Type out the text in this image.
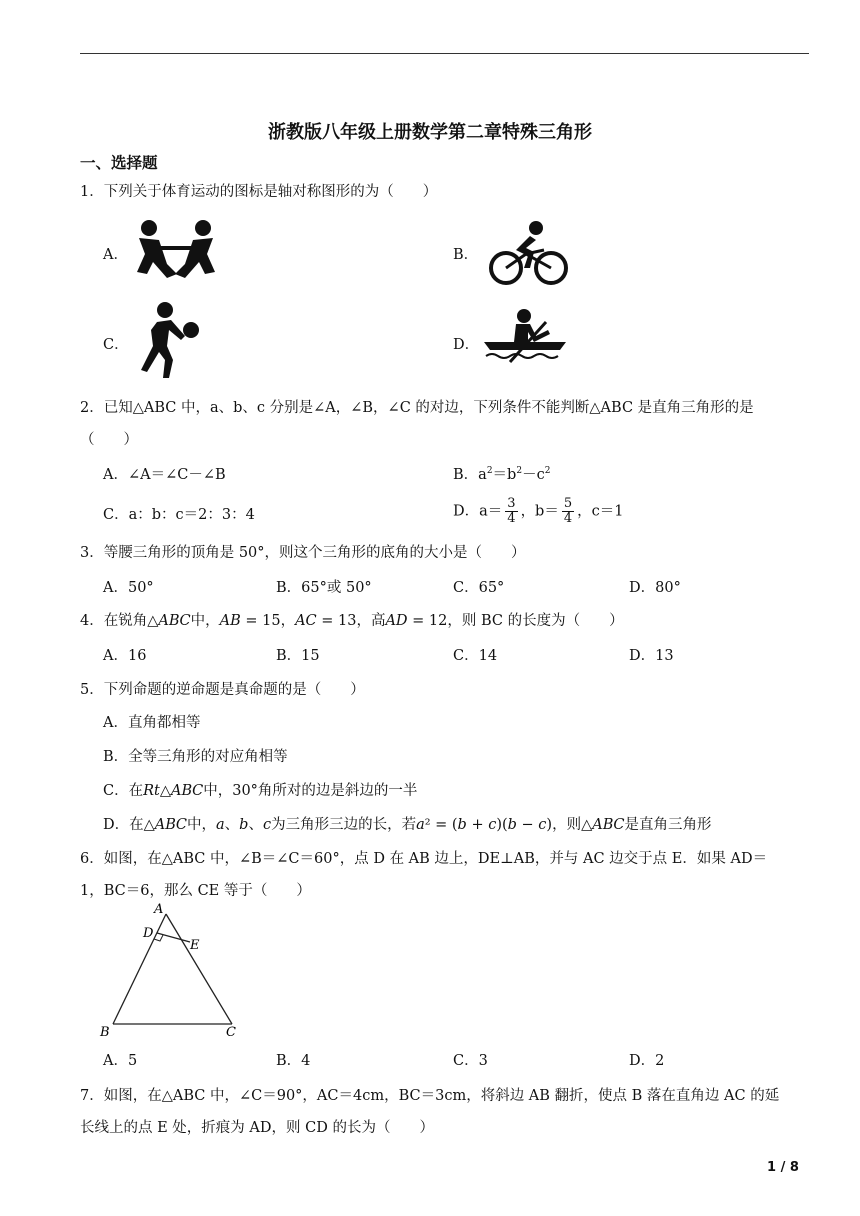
浙教版八年级上册数学第二章特殊三角形
一、选择题
1．下列关于体育运动的图标是轴对称图形的为（　　）
A．	B．
C．	D．
2．已知△ABC 中，a、b、c 分别是∠A，∠B，∠C 的对边，下列条件不能判断△ABC 是直角三角形的是
（　　）
A．∠A＝∠C－∠B	B．$a^2=b^2-c^2$
C．a：b：c＝2：3：4	D．$a= \frac{3}{4}$ ，$b= \frac{5}{4}$ ，c＝1
3．等腰三角形的顶角是 50°，则这个三角形的底角的大小是（　　）
A．50°	B．65°或 50°	C．65°	D．80°
4．在锐角△𝐴𝐵𝐶中，𝐴𝐵 = 15，𝐴𝐶 = 13，高𝐴𝐷 = 12，则 BC 的长度为（　　）
A．16	B．15	C．14	D．13
5．下列命题的逆命题是真命题的是（　　）
A．直角都相等
B．全等三角形的对应角相等
C．在𝑅𝑡△𝐴𝐵𝐶中，30°角所对的边是斜边的一半
D．在△𝐴𝐵𝐶中，𝑎、𝑏、𝑐为三角形三边的长，若𝑎² = (𝑏 + 𝑐)(𝑏 − 𝑐)，则△𝐴𝐵𝐶是直角三角形
6．如图，在△ABC 中，∠B＝∠C＝60°，点 D 在 AB 边上，DE⊥AB，并与 AC 边交于点 E．如果 AD＝
1，BC＝6，那么 CE 等于（　　）
A
D
E
B	C
A．5	B．4	C．3	D．2
7．如图，在△ABC 中，∠C＝90°，AC＝4cm，BC＝3cm，将斜边 AB 翻折，使点 B 落在直角边 AC 的延
长线上的点 E 处，折痕为 AD，则 CD 的长为（　　）
1 / 8
